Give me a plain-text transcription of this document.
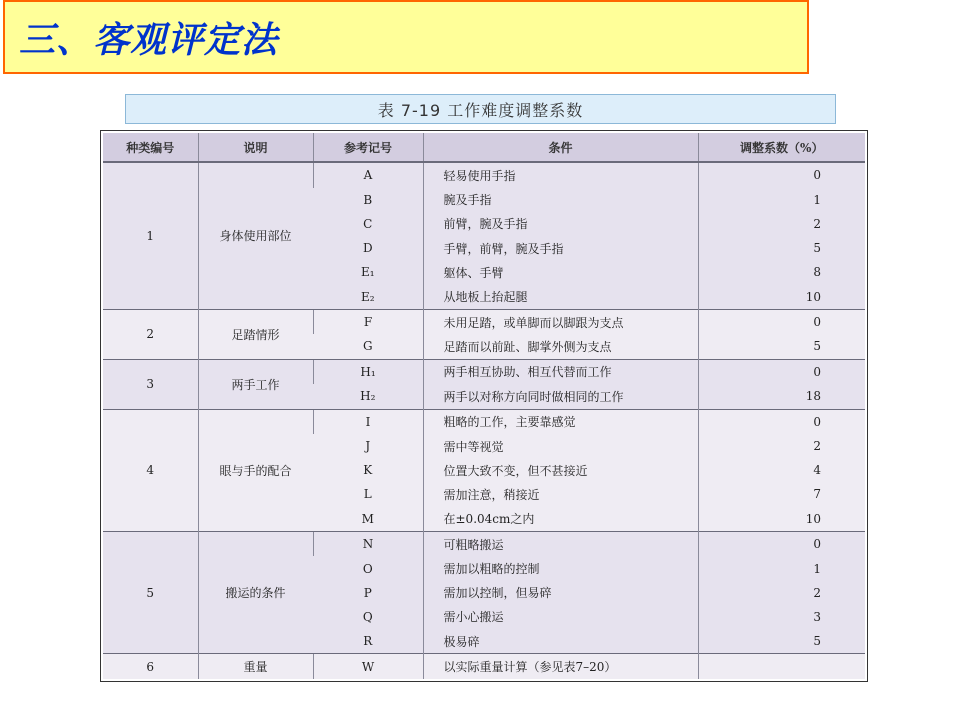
三、客观评定法
表 7-19 工作难度调整系数
种类编号	说明	参考记号	条件	调整系数（%）
1	身体使用部位	A	轻易使用手指	0
		B	腕及手指	1
		C	前臂，腕及手指	2
		D	手臂，前臂，腕及手指	5
		E₁	躯体、手臂	8
		E₂	从地板上抬起腿	10
2	足踏情形	F	未用足踏，或单脚而以脚跟为支点	0
		G	足踏而以前趾、脚掌外侧为支点	5
3	两手工作	H₁	两手相互协助、相互代替而工作	0
		H₂	两手以对称方向同时做相同的工作	18
4	眼与手的配合	I	粗略的工作，主要靠感觉	0
		J	需中等视觉	2
		K	位置大致不变，但不甚接近	4
		L	需加注意，稍接近	7
		M	在±0.04cm之内	10
5	搬运的条件	N	可粗略搬运	0
		O	需加以粗略的控制	1
		P	需加以控制，但易碎	2
		Q	需小心搬运	3
		R	极易碎	5
6	重量	W	以实际重量计算（参见表7–20）	
